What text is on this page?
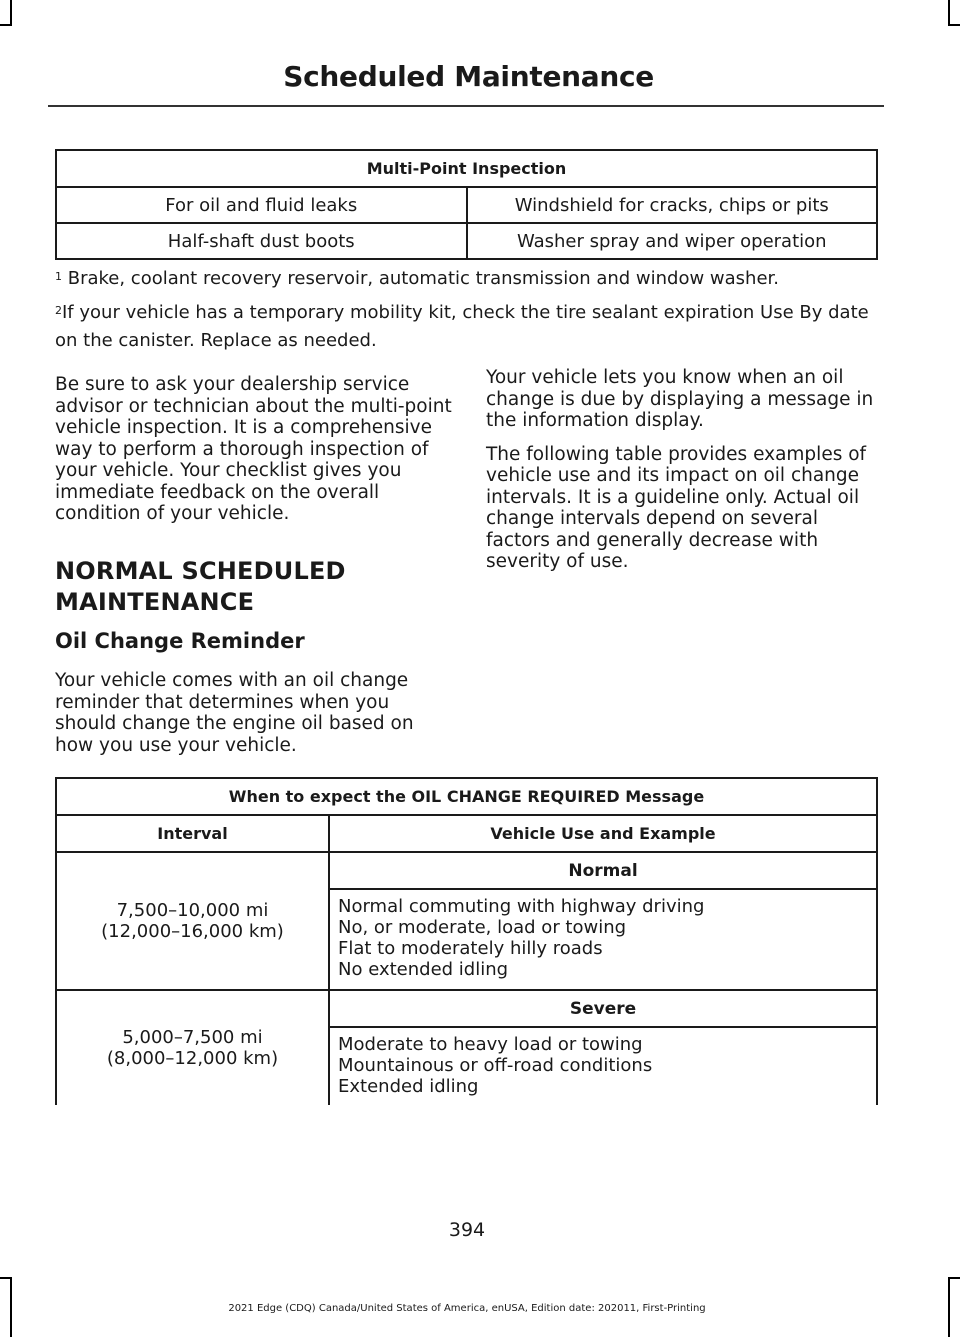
Scheduled Maintenance
Multi-Point Inspection	
For oil and fluid leaks	Windshield for cracks, chips or pits
Half-shaft dust boots	Washer spray and wiper operation
$^1$ Brake, coolant recovery reservoir, automatic transmission and window washer.
$^2$If your vehicle has a temporary mobility kit, check the tire sealant expiration Use By date on the canister. Replace as needed.

Be sure to ask your dealership service advisor or technician about the multi-point vehicle inspection. It is a comprehensive way to perform a thorough inspection of your vehicle. Your checklist gives you immediate feedback on the overall condition of your vehicle.

NORMAL SCHEDULED MAINTENANCE
Oil Change Reminder
Your vehicle comes with an oil change reminder that determines when you should change the engine oil based on how you use your vehicle.

Your vehicle lets you know when an oil change is due by displaying a message in the information display.

The following table provides examples of vehicle use and its impact on oil change intervals. It is a guideline only. Actual oil change intervals depend on several factors and generally decrease with severity of use.

When to expect the OIL CHANGE REQUIRED Message	
Interval	Vehicle Use and Example

7,500–10,000 mi
(12,000–16,000 km)	Normal

	Normal commuting with highway driving
No, or moderate, load or towing
Flat to moderately hilly roads
No extended idling

5,000–7,500 mi
(8,000–12,000 km)	Severe

	Moderate to heavy load or towing
Mountainous or off-road conditions
Extended idling
394
2021 Edge (CDQ) Canada/United States of America, enUSA, Edition date: 202011, First-Printing
